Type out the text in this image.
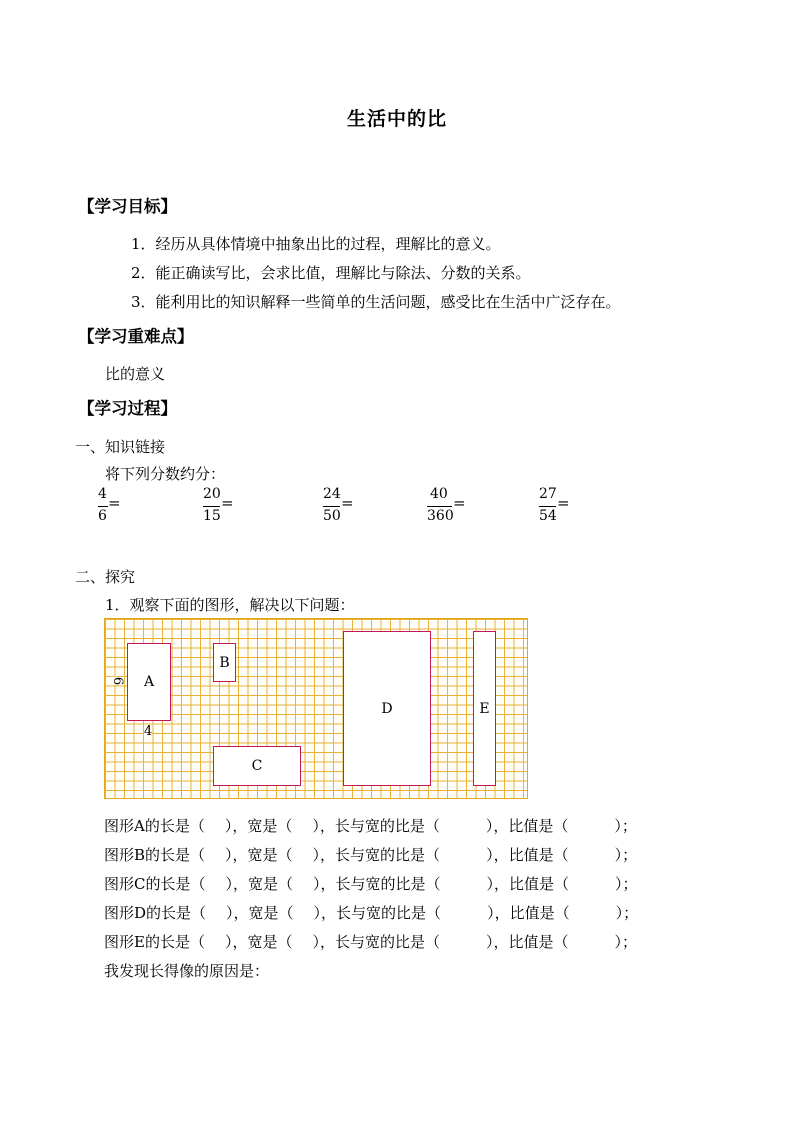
生活中的比
【学习目标】
1．经历从具体情境中抽象出比的过程，理解比的意义。
2．能正确读写比，会求比值，理解比与除法、分数的关系。
3．能利用比的知识解释一些简单的生活问题，感受比在生活中广泛存在。
【学习重难点】
比的意义
【学习过程】
一、知识链接
将下列分数约分：
4
6
=	20
15
=	24
50
=	40
360
=	27
54
=
二、探究
1．观察下面的图形，解决以下问题：
A
B
C
D	E
6
4
图形A的长是（ ），宽是（ ），长与宽的比是（	），比值是（	）；
图形B的长是（ ），宽是（ ），长与宽的比是（	），比值是（	）；
图形C的长是（ ），宽是（ ），长与宽的比是（	），比值是（	）；
图形D的长是（ ），宽是（ ），长与宽的比是（	），比值是（	）；
图形E的长是（ ），宽是（ ），长与宽的比是（	），比值是（	）；
我发现长得像的原因是：
